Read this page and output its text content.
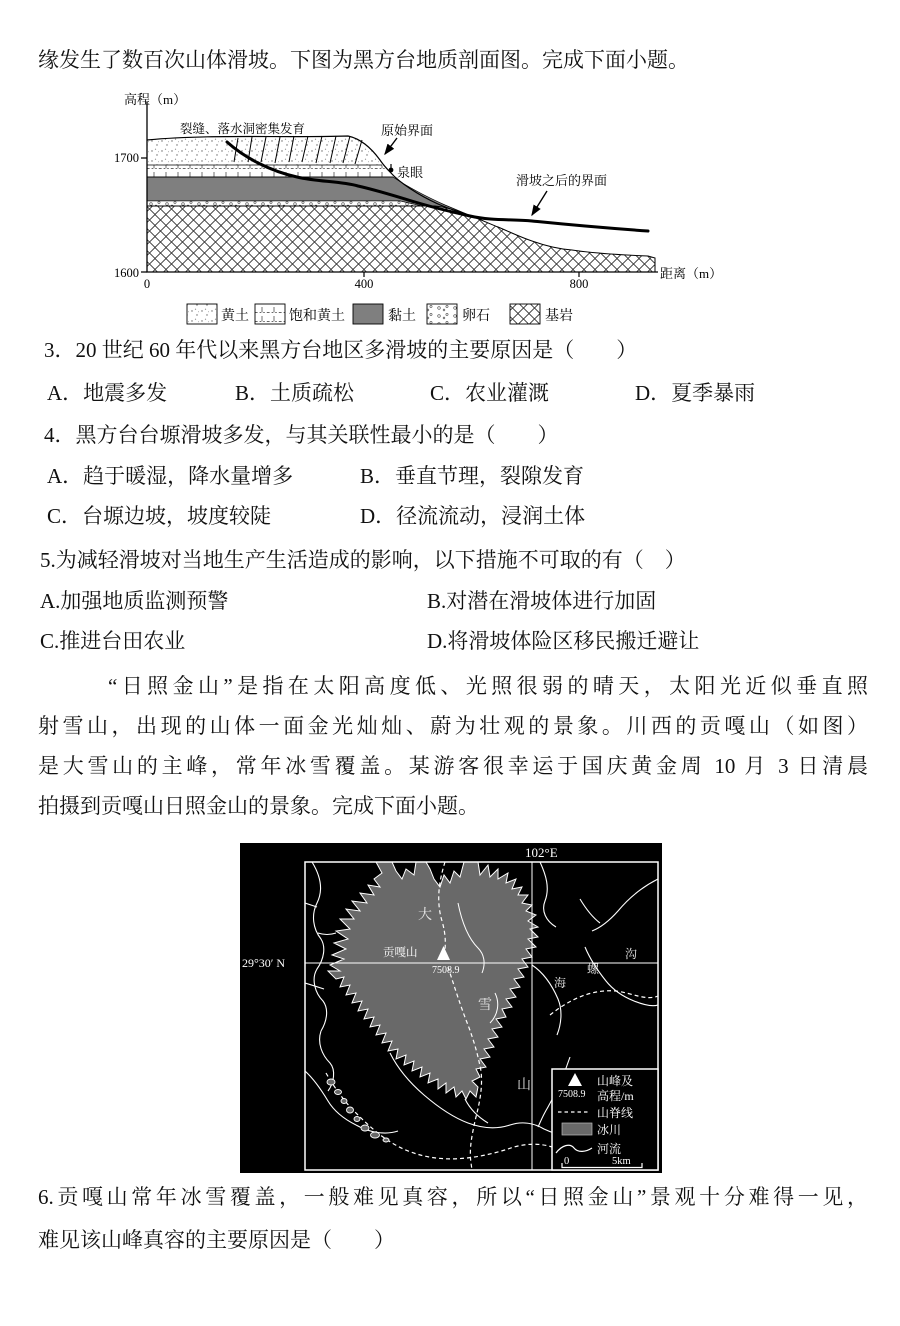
缘发生了数百次山体滑坡。下图为黑方台地质剖面图。完成下面小题。
高程（m）
距离（m）
1700
1600
0	400	800
裂缝、落水洞密集发育	原始界面
泉眼
滑坡之后的界面
黄土	饱和黄土	黏土	卵石	基岩
3．20 世纪 60 年代以来黑方台地区多滑坡的主要原因是（　　）
A．地震多发	B．土质疏松	C．农业灌溉	D．夏季暴雨
4．黑方台台塬滑坡多发，与其关联性最小的是（　　）
A．趋于暖湿，降水量增多	B．垂直节理，裂隙发育
C．台塬边坡，坡度较陡	D．径流流动，浸润土体
5.为减轻滑坡对当地生产生活造成的影响，以下措施不可取的有（　）
A.加强地质监测预警	B.对潜在滑坡体进行加固
C.推进台田农业	D.将滑坡体险区移民搬迁避让
“日照金山”是指在太阳高度低、光照很弱的晴天，太阳光近似垂直照
射雪山，出现的山体一面金光灿灿、蔚为壮观的景象。川西的贡嘎山（如图）
是大雪山的主峰，常年冰雪覆盖。某游客很幸运于国庆黄金周 10 月 3 日清晨
拍摄到贡嘎山日照金山的景象。完成下面小题。
贡嘎山
7508.9
大
雪
山
海
螺
沟
102°E
29°30′ N
7508.9
山峰及
高程/m
山脊线
冰川
河流
0	5km
6.贡嘎山常年冰雪覆盖，一般难见真容，所以“日照金山”景观十分难得一见，
难见该山峰真容的主要原因是（　　）
